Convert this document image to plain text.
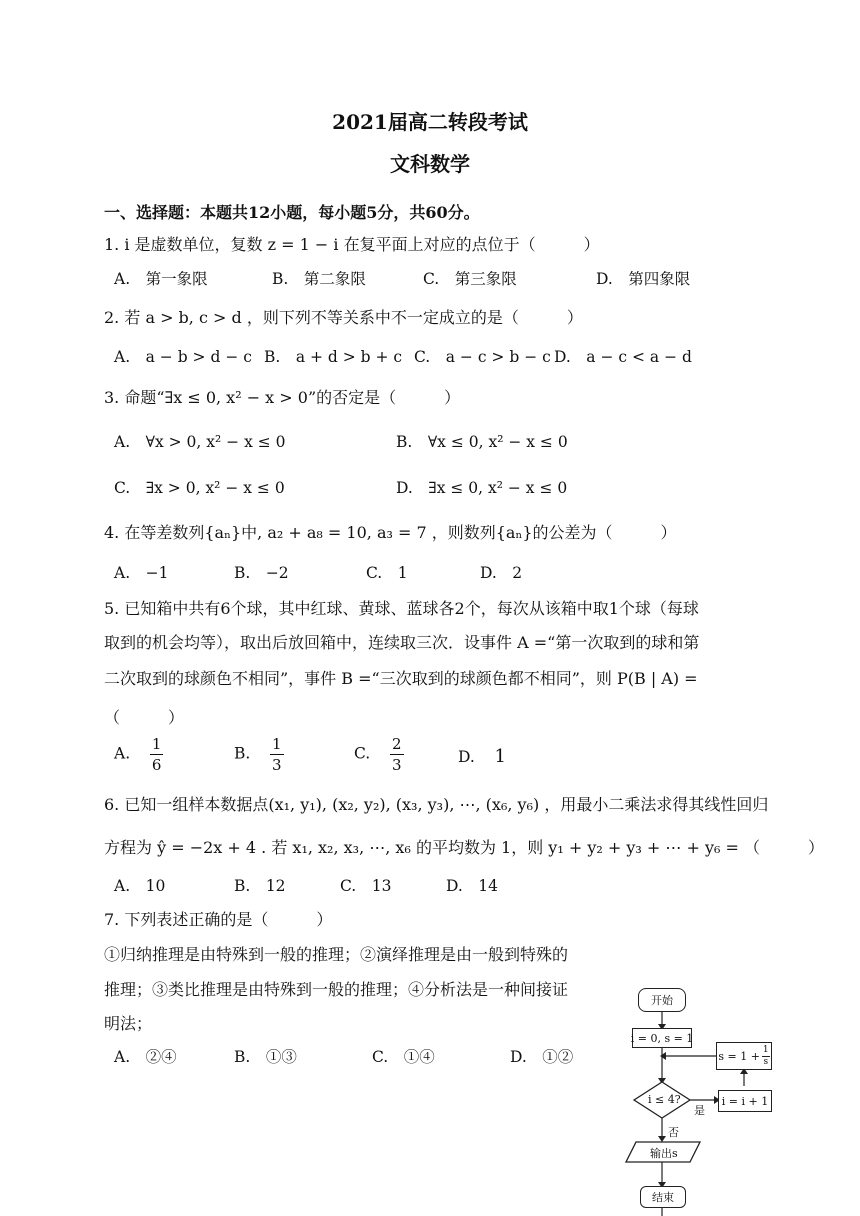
2021届高二转段考试
文科数学
一、选择题：本题共12小题，每小题5分，共60分。
1. i 是虚数单位，复数 z = 1 − i 在复平面上对应的点位于（　　　）
A.　第一象限	B.　第二象限	C.　第三象限	D.　第四象限
2. 若 a > b, c > d ，则下列不等关系中不一定成立的是（　　　）
A.　a − b > d − c B.　a + d > b + c C.　a − c > b − c D.　a − c < a − d
3. 命题“∃x ≤ 0, x² − x > 0”的否定是（　　　）
A.　∀x > 0, x² − x ≤ 0	B.　∀x ≤ 0, x² − x ≤ 0
C.　∃x > 0, x² − x ≤ 0	D.　∃x ≤ 0, x² − x ≤ 0
4. 在等差数列{aₙ}中, a₂ + a₈ = 10, a₃ = 7 ，则数列{aₙ}的公差为（　　　）
A.　−1	B.　−2	C.　1	D.　2
5. 已知箱中共有6个球，其中红球、黄球、蓝球各2个，每次从该箱中取1个球（每球
取到的机会均等），取出后放回箱中，连续取三次．设事件 A =“第一次取到的球和第
二次取到的球颜色不相同”，事件 B =“三次取到的球颜色都不相同”，则 P(B | A) =
（　　　）
A. $\frac{1}{6}$	B. $\frac{1}{3}$	C. $\frac{2}{3}$	D. 1
6. 已知一组样本数据点(x₁, y₁), (x₂, y₂), (x₃, y₃), ⋯, (x₆, y₆) ，用最小二乘法求得其线性回归
方程为 ŷ = −2x + 4 . 若 x₁, x₂, x₃, ⋯, x₆ 的平均数为 1，则 y₁ + y₂ + y₃ + ⋯ + y₆ = （　　　）
A.　10	B.　12	C.　13	D.　14
7. 下列表述正确的是（　　　）
①归纳推理是由特殊到一般的推理；②演绎推理是由一般到特殊的
推理；③类比推理是由特殊到一般的推理；④分析法是一种间接证
明法；
A.　②④	B.　①③	C.　①④	D.　①②
开始
i = 0, s = 1
$s = 1 + \frac{1}{s}$
i ≤ 4?	i = i + 1
是
否
输出s
结束
